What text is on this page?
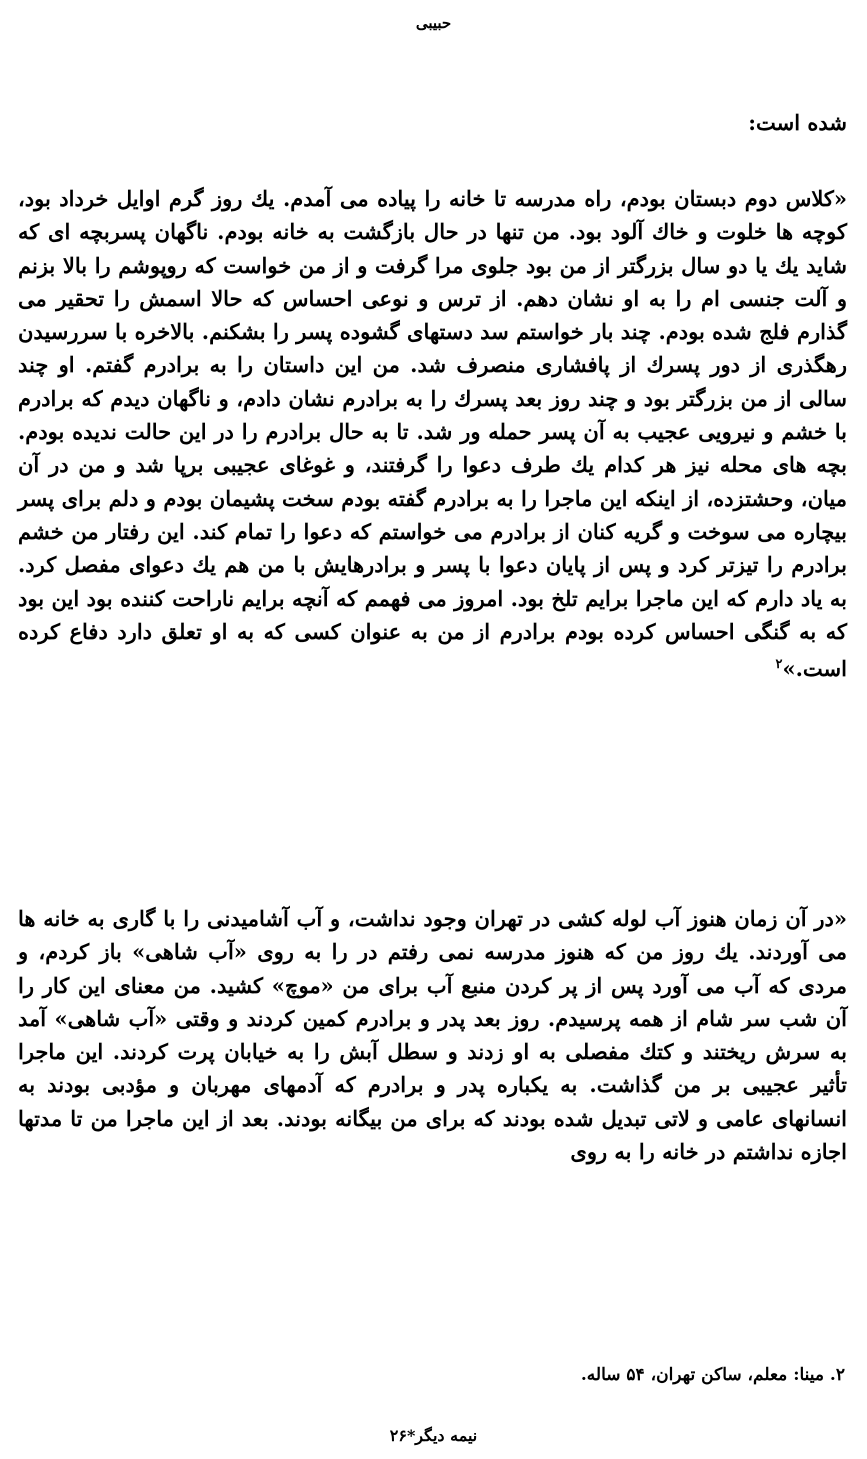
حبیبی
شده است:
«کلاس دوم دبستان بودم، راه مدرسه تا خانه را پیاده می آمدم. یك روز گرم اوایل خرداد بود، کوچه ها خلوت و خاك آلود بود. من تنها در حال بازگشت به خانه بودم. ناگهان پسربچه ای که شاید یك یا دو سال بزرگتر از من بود جلوی مرا گرفت و از من خواست که روپوشم را بالا بزنم و آلت جنسی ام را به او نشان دهم. از ترس و نوعی احساس که حالا اسمش را تحقیر می گذارم فلج شده بودم. چند بار خواستم سد دستهای گشوده پسر را بشکنم. بالاخره با سررسیدن رهگذری از دور پسرك از پافشاری منصرف شد. من این داستان را به برادرم گفتم. او چند سالی از من بزرگتر بود و چند روز بعد پسرك را به برادرم نشان دادم، و ناگهان دیدم که برادرم با خشم و نیرویی عجیب به آن پسر حمله ور شد. تا به حال برادرم را در این حالت ندیده بودم. بچه های محله نیز هر کدام یك طرف دعوا را گرفتند، و غوغای عجیبی برپا شد و من در آن میان، وحشتزده، از اینکه این ماجرا را به برادرم گفته بودم سخت پشیمان بودم و دلم برای پسر بیچاره می سوخت و گریه کنان از برادرم می خواستم که دعوا را تمام کند. این رفتار من خشم برادرم را تیزتر کرد و پس از پایان دعوا با پسر و برادرهایش با من هم یك دعوای مفصل کرد. به یاد دارم که این ماجرا برایم تلخ بود. امروز می فهمم که آنچه برایم ناراحت کننده بود این بود که به گنگی احساس کرده بودم برادرم از من به عنوان کسی که به او تعلق دارد دفاع کرده است.»$^۲$
«در آن زمان هنوز آب لوله کشی در تهران وجود نداشت، و آب آشامیدنی را با گاری به خانه ها می آوردند. یك روز من که هنوز مدرسه نمی رفتم در را به روی «آب شاهی» باز کردم، و مردی که آب می آورد پس از پر کردن منبع آب برای من «موچ» کشید. من معنای این کار را آن شب سر شام از همه پرسیدم. روز بعد پدر و برادرم کمین کردند و وقتی «آب شاهی» آمد به سرش ریختند و کتك مفصلی به او زدند و سطل آبش را به خیابان پرت کردند. این ماجرا تأثیر عجیبی بر من گذاشت. به یکباره پدر و برادرم که آدمهای مهربان و مؤدبی بودند به انسانهای عامی و لاتی تبدیل شده بودند که برای من بیگانه بودند. بعد از این ماجرا من تا مدتها اجازه نداشتم در خانه را به روی
۲. مینا: معلم، ساکن تهران، ۵۴ ساله.
نیمه دیگر*۲۶
